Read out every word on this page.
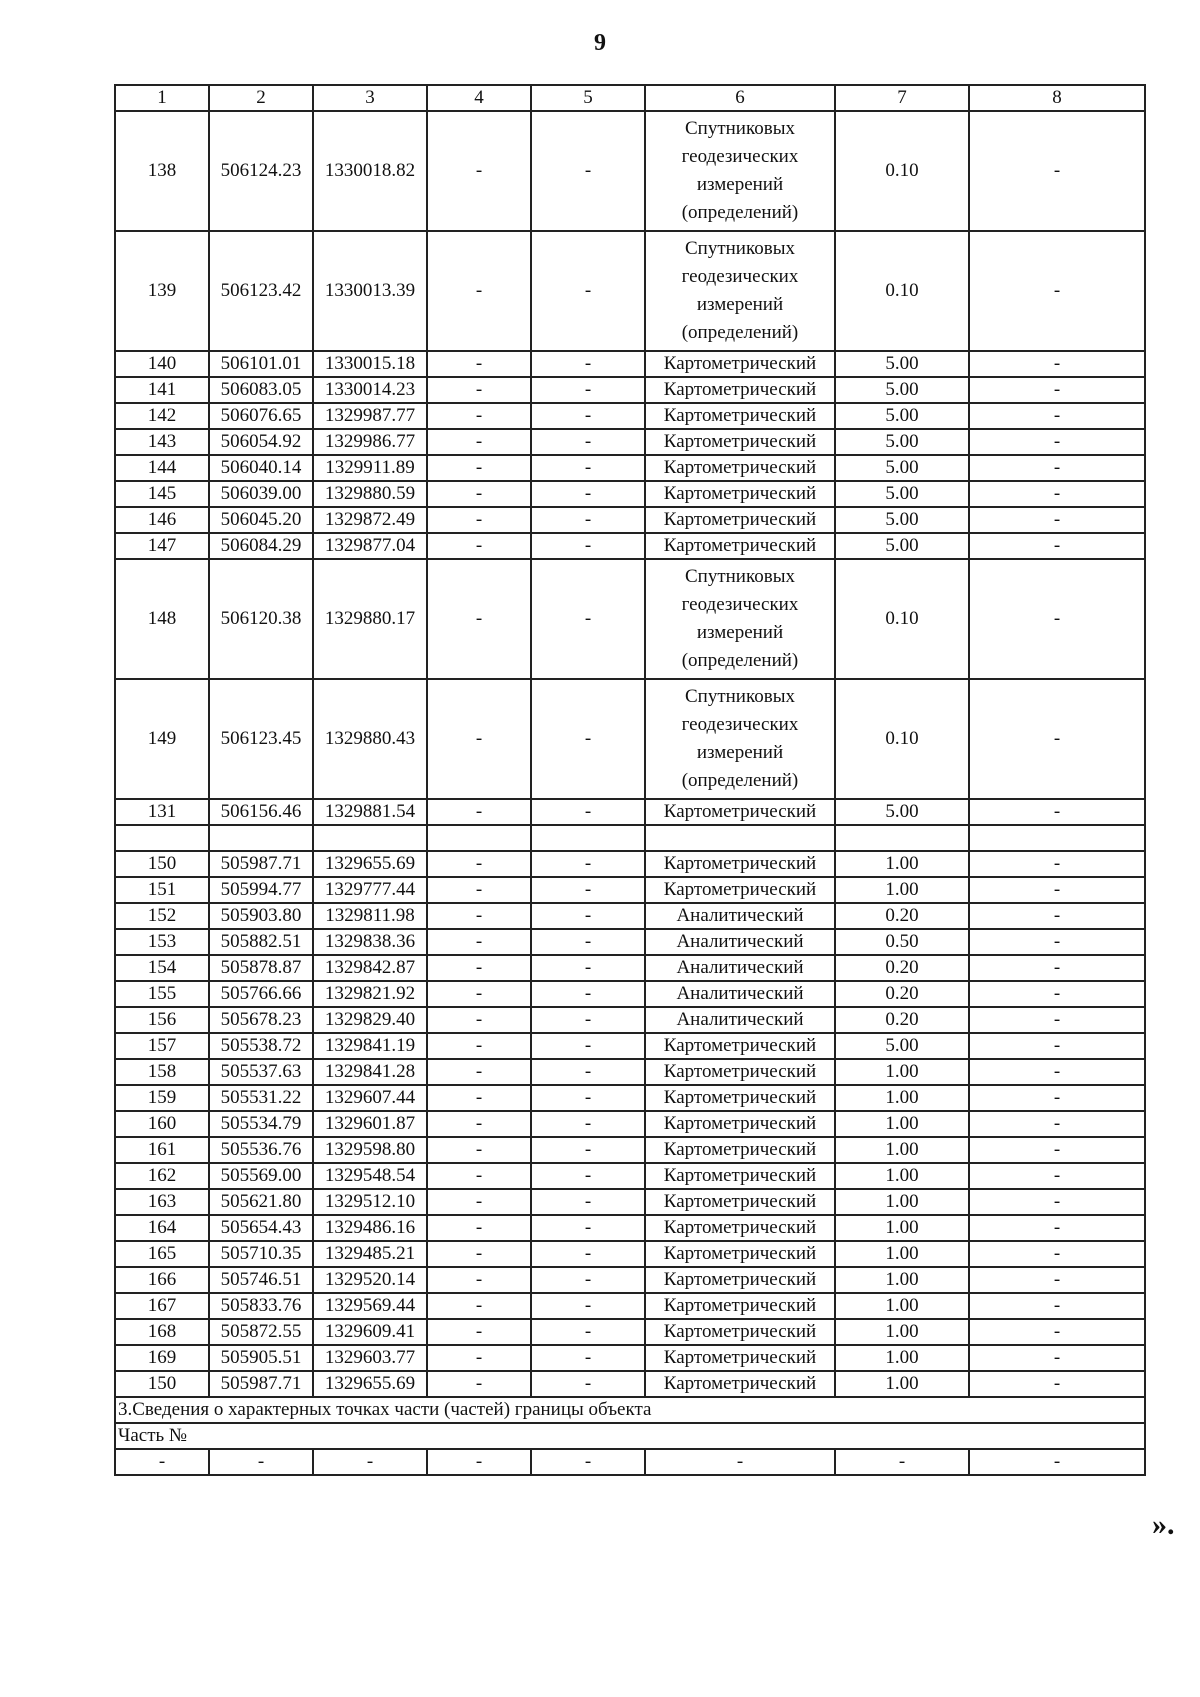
9
1	2	3	4	5	6	7	8
138	506124.23	1330018.82	-	-	Спутниковых геодезических измерений (определений)	0.10	-
139	506123.42	1330013.39	-	-	Спутниковых геодезических измерений (определений)	0.10	-
140	506101.01	1330015.18	-	-	Картометрический	5.00	-
141	506083.05	1330014.23	-	-	Картометрический	5.00	-
142	506076.65	1329987.77	-	-	Картометрический	5.00	-
143	506054.92	1329986.77	-	-	Картометрический	5.00	-
144	506040.14	1329911.89	-	-	Картометрический	5.00	-
145	506039.00	1329880.59	-	-	Картометрический	5.00	-
146	506045.20	1329872.49	-	-	Картометрический	5.00	-
147	506084.29	1329877.04	-	-	Картометрический	5.00	-
148	506120.38	1329880.17	-	-	Спутниковых геодезических измерений (определений)	0.10	-
149	506123.45	1329880.43	-	-	Спутниковых геодезических измерений (определений)	0.10	-
131	506156.46	1329881.54	-	-	Картометрический	5.00	-

150	505987.71	1329655.69	-	-	Картометрический	1.00	-
151	505994.77	1329777.44	-	-	Картометрический	1.00	-
152	505903.80	1329811.98	-	-	Аналитический	0.20	-
153	505882.51	1329838.36	-	-	Аналитический	0.50	-
154	505878.87	1329842.87	-	-	Аналитический	0.20	-
155	505766.66	1329821.92	-	-	Аналитический	0.20	-
156	505678.23	1329829.40	-	-	Аналитический	0.20	-
157	505538.72	1329841.19	-	-	Картометрический	5.00	-
158	505537.63	1329841.28	-	-	Картометрический	1.00	-
159	505531.22	1329607.44	-	-	Картометрический	1.00	-
160	505534.79	1329601.87	-	-	Картометрический	1.00	-
161	505536.76	1329598.80	-	-	Картометрический	1.00	-
162	505569.00	1329548.54	-	-	Картометрический	1.00	-
163	505621.80	1329512.10	-	-	Картометрический	1.00	-
164	505654.43	1329486.16	-	-	Картометрический	1.00	-
165	505710.35	1329485.21	-	-	Картометрический	1.00	-
166	505746.51	1329520.14	-	-	Картометрический	1.00	-
167	505833.76	1329569.44	-	-	Картометрический	1.00	-
168	505872.55	1329609.41	-	-	Картометрический	1.00	-
169	505905.51	1329603.77	-	-	Картометрический	1.00	-
150	505987.71	1329655.69	-	-	Картометрический	1.00	-
3.Сведения о характерных точках части (частей) границы объекта							
Часть №							
-	-	-	-	-	-	-	-
».
